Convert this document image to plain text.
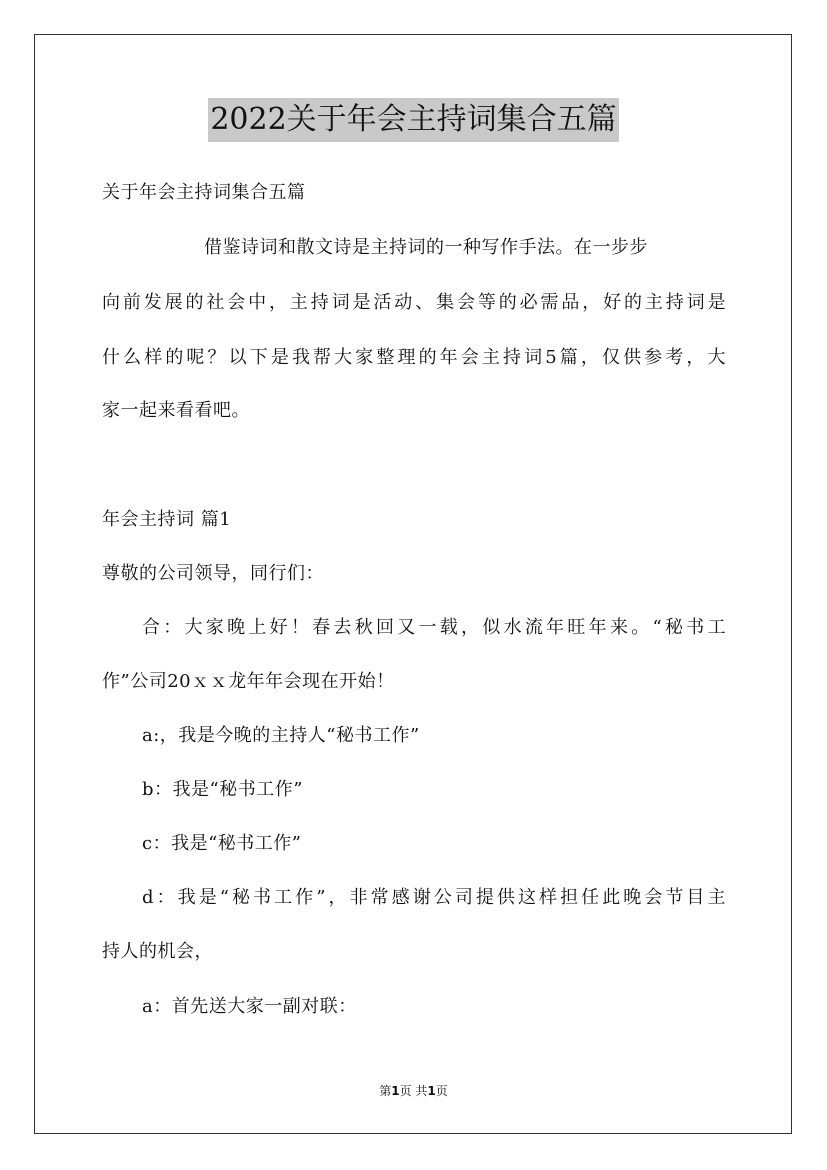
2022关于年会主持词集合五篇
关于年会主持词集合五篇
借鉴诗词和散文诗是主持词的一种写作手法。在一步步
向前发展的社会中，主持词是活动、集会等的必需品，好的主持词是
什么样的呢？以下是我帮大家整理的年会主持词5篇，仅供参考，大
家一起来看看吧。
年会主持词 篇1
尊敬的公司领导，同行们：
合：大家晚上好！春去秋回又一载，似水流年旺年来。“秘书工
作”公司20ｘｘ龙年年会现在开始！
a:，我是今晚的主持人“秘书工作”
b：我是“秘书工作”
c：我是“秘书工作”
d：我是“秘书工作”，非常感谢公司提供这样担任此晚会节目主
持人的机会，
a：首先送大家一副对联：
第1页 共1页
